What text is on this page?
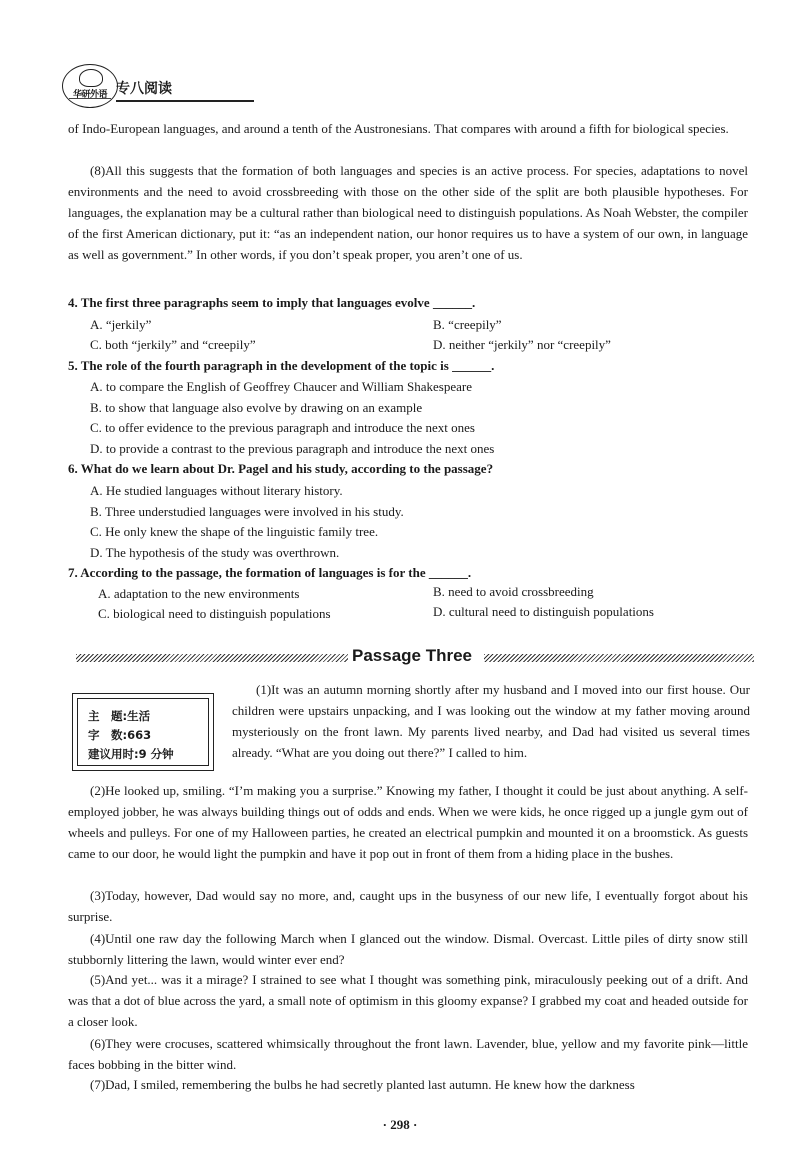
华研外语 专八阅读
of Indo-European languages, and around a tenth of the Austronesians. That compares with around a fifth for biological species.
(8)All this suggests that the formation of both languages and species is an active process. For species, adaptations to novel environments and the need to avoid crossbreeding with those on the other side of the split are both plausible hypotheses. For languages, the explanation may be a cultural rather than biological need to distinguish populations. As Noah Webster, the compiler of the first American dictionary, put it: “as an independent nation, our honor requires us to have a system of our own, in language as well as government.” In other words, if you don’t speak proper, you aren’t one of us.
4. The first three paragraphs seem to imply that languages evolve ______.
A. “jerkily”	B. “creepily”
C. both “jerkily” and “creepily”	D. neither “jerkily” nor “creepily”
5. The role of the fourth paragraph in the development of the topic is ______.
A. to compare the English of Geoffrey Chaucer and William Shakespeare
B. to show that language also evolve by drawing on an example
C. to offer evidence to the previous paragraph and introduce the next ones
D. to provide a contrast to the previous paragraph and introduce the next ones
6. What do we learn about Dr. Pagel and his study, according to the passage?
A. He studied languages without literary history.
B. Three understudied languages were involved in his study.
C. He only knew the shape of the linguistic family tree.
D. The hypothesis of the study was overthrown.
7. According to the passage, the formation of languages is for the ______.
A. adaptation to the new environments	B. need to avoid crossbreeding
C. biological need to distinguish populations	D. cultural need to distinguish populations
Passage Three
主　题:生活
字　数:663
建议用时:9 分钟
(1)It was an autumn morning shortly after my husband and I moved into our first house. Our children were upstairs unpacking, and I was looking out the window at my father moving around mysteriously on the front lawn. My parents lived nearby, and Dad had visited us several times already. “What are you doing out there?” I called to him.
(2)He looked up, smiling. “I’m making you a surprise.” Knowing my father, I thought it could be just about anything. A self-employed jobber, he was always building things out of odds and ends. When we were kids, he once rigged up a jungle gym out of wheels and pulleys. For one of my Halloween parties, he created an electrical pumpkin and mounted it on a broomstick. As guests came to our door, he would light the pumpkin and have it pop out in front of them from a hiding place in the bushes.
(3)Today, however, Dad would say no more, and, caught ups in the busyness of our new life, I eventually forgot about his surprise.
(4)Until one raw day the following March when I glanced out the window. Dismal. Overcast. Little piles of dirty snow still stubbornly littering the lawn, would winter ever end?
(5)And yet... was it a mirage? I strained to see what I thought was something pink, miraculously peeking out of a drift. And was that a dot of blue across the yard, a small note of optimism in this gloomy expanse? I grabbed my coat and headed outside for a closer look.
(6)They were crocuses, scattered whimsically throughout the front lawn. Lavender, blue, yellow and my favorite pink—little faces bobbing in the bitter wind.
(7)Dad, I smiled, remembering the bulbs he had secretly planted last autumn. He knew how the darkness
· 298 ·
